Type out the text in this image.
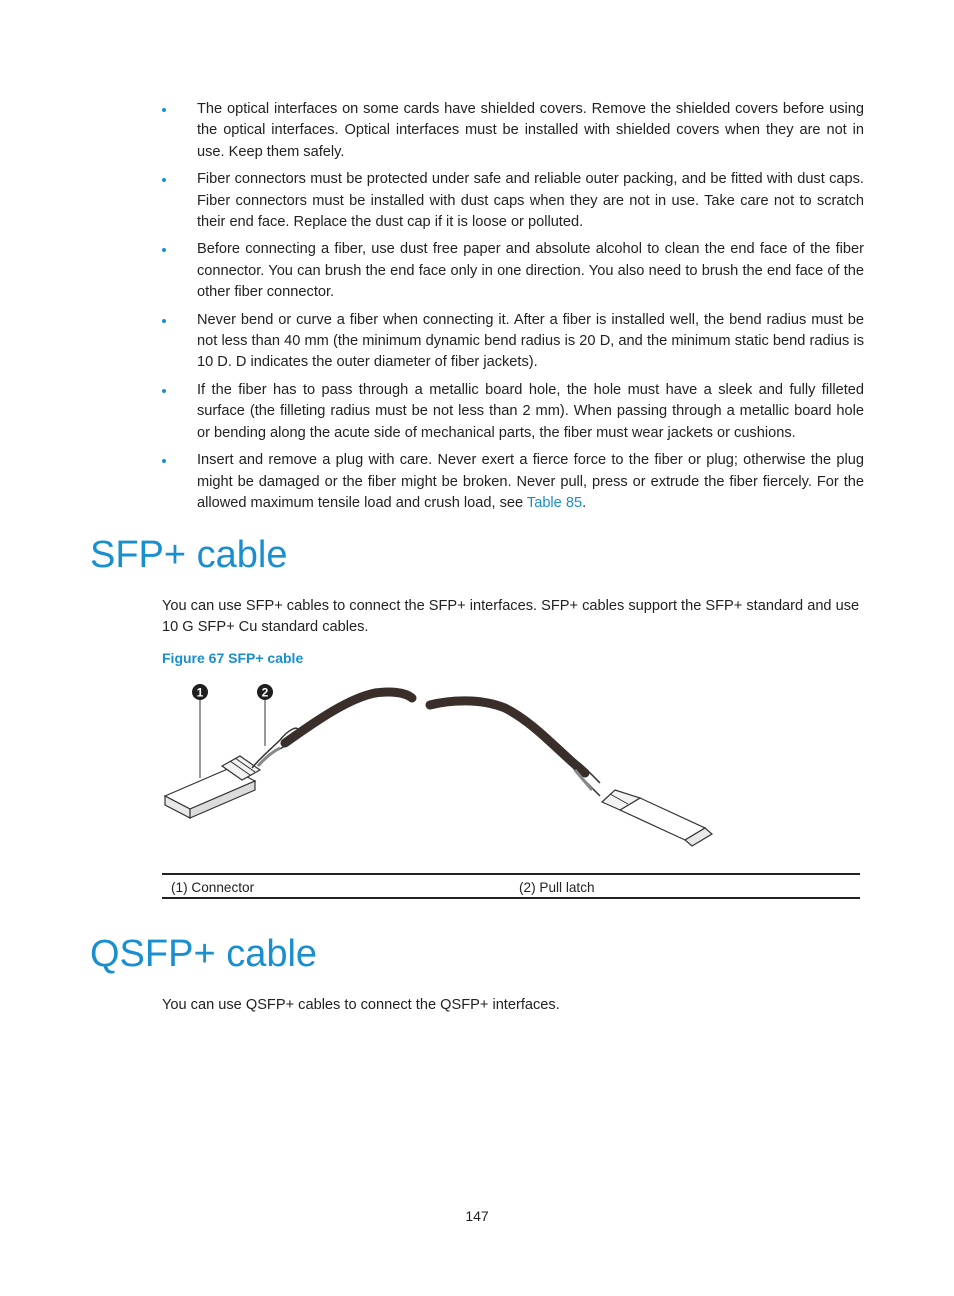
The optical interfaces on some cards have shielded covers. Remove the shielded covers before using the optical interfaces. Optical interfaces must be installed with shielded covers when they are not in use. Keep them safely.
Fiber connectors must be protected under safe and reliable outer packing, and be fitted with dust caps. Fiber connectors must be installed with dust caps when they are not in use. Take care not to scratch their end face. Replace the dust cap if it is loose or polluted.
Before connecting a fiber, use dust free paper and absolute alcohol to clean the end face of the fiber connector. You can brush the end face only in one direction. You also need to brush the end face of the other fiber connector.
Never bend or curve a fiber when connecting it. After a fiber is installed well, the bend radius must be not less than 40 mm (the minimum dynamic bend radius is 20 D, and the minimum static bend radius is 10 D. D indicates the outer diameter of fiber jackets).
If the fiber has to pass through a metallic board hole, the hole must have a sleek and fully filleted surface (the filleting radius must be not less than 2 mm). When passing through a metallic board hole or bending along the acute side of mechanical parts, the fiber must wear jackets or cushions.
Insert and remove a plug with care. Never exert a fierce force to the fiber or plug; otherwise the plug might be damaged or the fiber might be broken. Never pull, press or extrude the fiber fiercely. For the allowed maximum tensile load and crush load, see Table 85.
SFP+ cable

You can use SFP+ cables to connect the SFP+ interfaces. SFP+ cables support the SFP+ standard and use 10 G SFP+ Cu standard cables.

Figure 67 SFP+ cable

1	2
(1) Connector	(2) Pull latch
QSFP+ cable

You can use QSFP+ cables to connect the QSFP+ interfaces.

147
